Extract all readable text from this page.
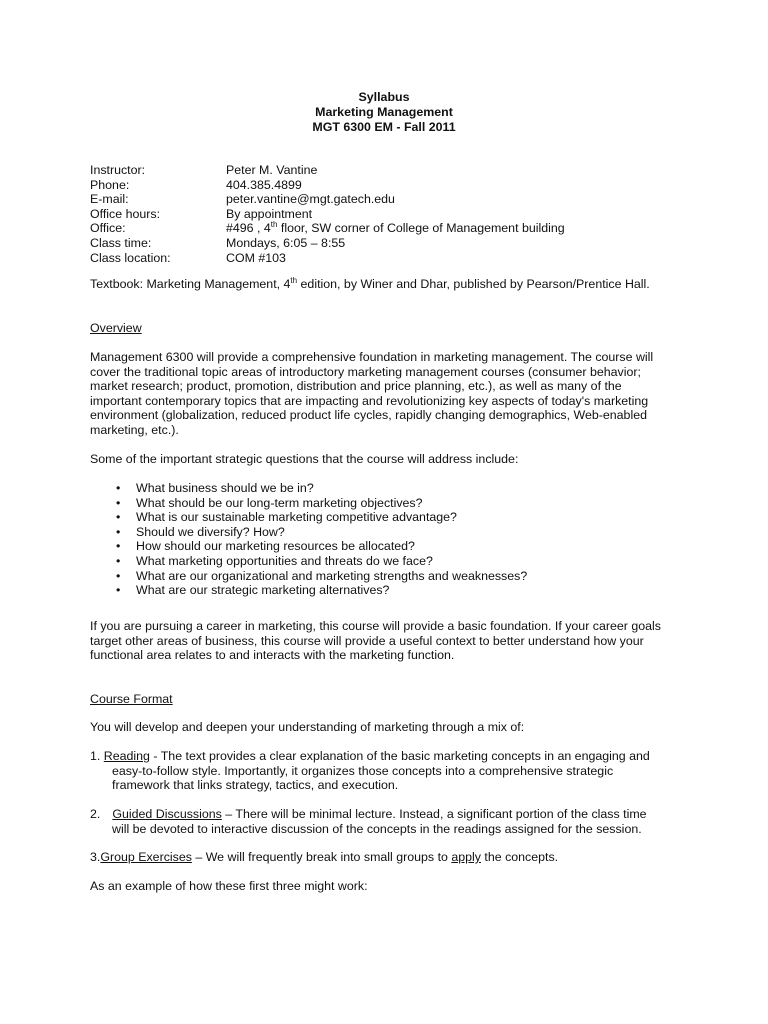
Syllabus
Marketing Management
MGT 6300 EM - Fall 2011
Instructor:	Peter M. Vantine
Phone:	404.385.4899
E-mail:	peter.vantine@mgt.gatech.edu
Office hours:	By appointment
Office:	#496 , 4th floor, SW corner of College of Management building
Class time:	Mondays, 6:05 – 8:55
Class location:	COM #103
Textbook: Marketing Management, 4th edition, by Winer and Dhar, published by Pearson/Prentice Hall.
Overview
Management 6300 will provide a comprehensive foundation in marketing management. The course will
cover the traditional topic areas of introductory marketing management courses (consumer behavior;
market research; product, promotion, distribution and price planning, etc.), as well as many of the
important contemporary topics that are impacting and revolutionizing key aspects of today's marketing
environment (globalization, reduced product life cycles, rapidly changing demographics, Web-enabled
marketing, etc.).
Some of the important strategic questions that the course will address include:
• What business should we be in?
• What should be our long-term marketing objectives?
• What is our sustainable marketing competitive advantage?
• Should we diversify? How?
• How should our marketing resources be allocated?
• What marketing opportunities and threats do we face?
• What are our organizational and marketing strengths and weaknesses?
• What are our strategic marketing alternatives?
If you are pursuing a career in marketing, this course will provide a basic foundation. If your career goals
target other areas of business, this course will provide a useful context to better understand how your
functional area relates to and interacts with the marketing function.
Course Format
You will develop and deepen your understanding of marketing through a mix of:
1. Reading - The text provides a clear explanation of the basic marketing concepts in an engaging and
easy-to-follow style. Importantly, it organizes those concepts into a comprehensive strategic
framework that links strategy, tactics, and execution.
2. Guided Discussions – There will be minimal lecture. Instead, a significant portion of the class time
will be devoted to interactive discussion of the concepts in the readings assigned for the session.
3.Group Exercises – We will frequently break into small groups to apply the concepts.
As an example of how these first three might work:
